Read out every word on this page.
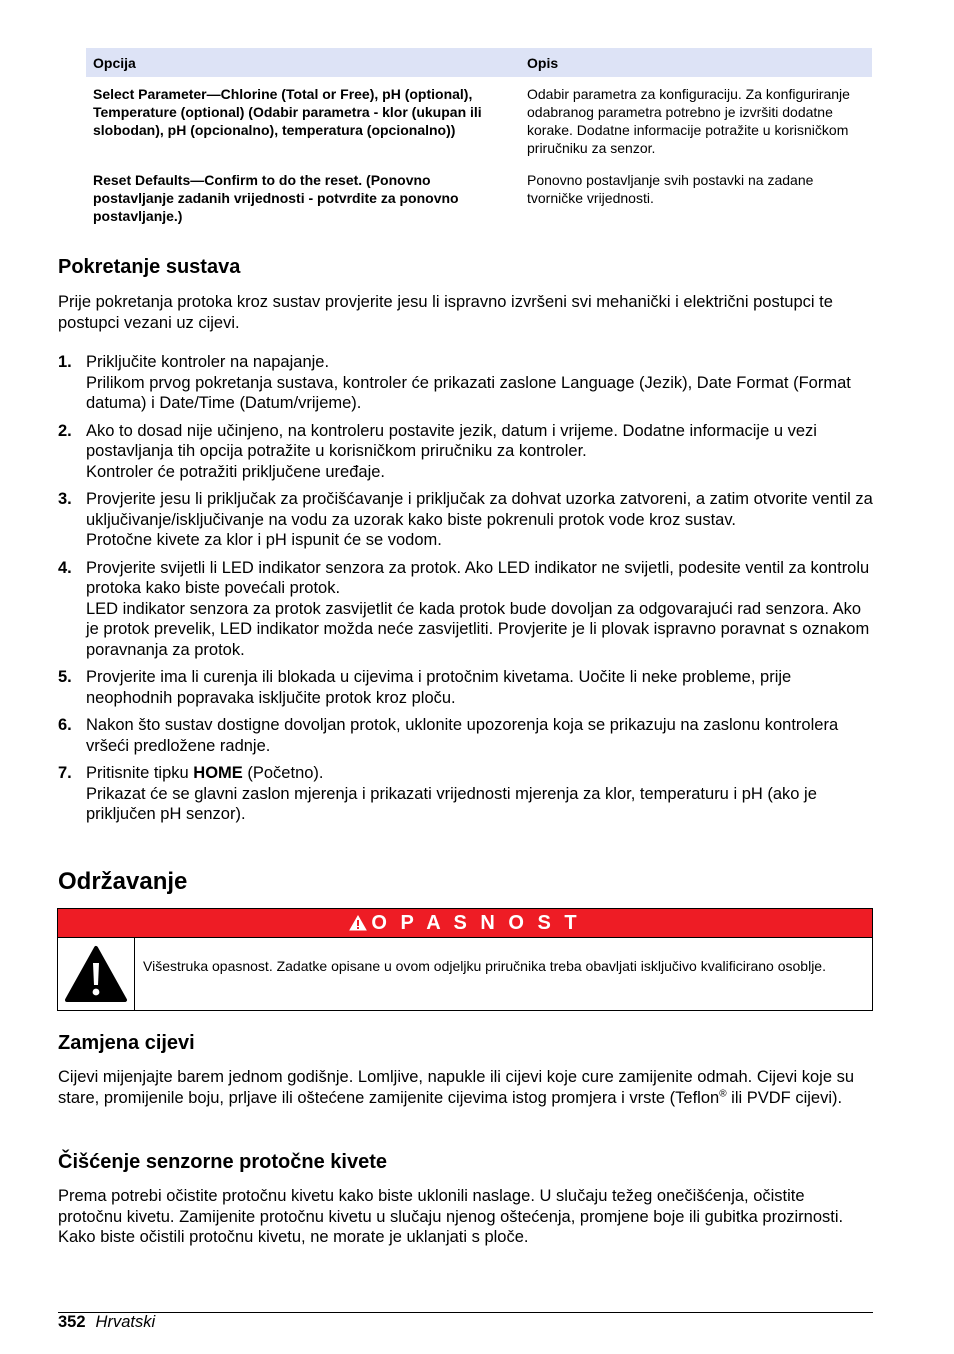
Opcija	Opis
Select Parameter—Chlorine (Total or Free), pH (optional), Temperature (optional) (Odabir parametra - klor (ukupan ili slobodan), pH (opcionalno), temperatura (opcionalno))	Odabir parametra za konfiguraciju. Za konfiguriranje odabranog parametra potrebno je izvršiti dodatne korake. Dodatne informacije potražite u korisničkom priručniku za senzor.
Reset Defaults—Confirm to do the reset. (Ponovno postavljanje zadanih vrijednosti - potvrdite za ponovno postavljanje.)	Ponovno postavljanje svih postavki na zadane tvorničke vrijednosti.
Pokretanje sustava

Prije pokretanja protoka kroz sustav provjerite jesu li ispravno izvršeni svi mehanički i električni postupci te postupci vezani uz cijevi.

1. Priključite kontroler na napajanje.
Prilikom prvog pokretanja sustava, kontroler će prikazati zaslone Language (Jezik), Date Format (Format datuma) i Date/Time (Datum/vrijeme).
2. Ako to dosad nije učinjeno, na kontroleru postavite jezik, datum i vrijeme. Dodatne informacije u vezi postavljanja tih opcija potražite u korisničkom priručniku za kontroler.
Kontroler će potražiti priključene uređaje.
3. Provjerite jesu li priključak za pročišćavanje i priključak za dohvat uzorka zatvoreni, a zatim otvorite ventil za uključivanje/isključivanje na vodu za uzorak kako biste pokrenuli protok vode kroz sustav.
Protočne kivete za klor i pH ispunit će se vodom.
4. Provjerite svijetli li LED indikator senzora za protok. Ako LED indikator ne svijetli, podesite ventil za kontrolu protoka kako biste povećali protok.
LED indikator senzora za protok zasvijetlit će kada protok bude dovoljan za odgovarajući rad senzora. Ako je protok prevelik, LED indikator možda neće zasvijetliti. Provjerite je li plovak ispravno poravnat s oznakom poravnanja za protok.
5. Provjerite ima li curenja ili blokada u cijevima i protočnim kivetama. Uočite li neke probleme, prije neophodnih popravaka isključite protok kroz ploču.
6. Nakon što sustav dostigne dovoljan protok, uklonite upozorenja koja se prikazuju na zaslonu kontrolera vršeći predložene radnje.
7. Pritisnite tipku HOME (Početno).
Prikazat će se glavni zaslon mjerenja i prikazati vrijednosti mjerenja za klor, temperaturu i pH (ako je priključen pH senzor).
Održavanje
O P A S N O S T
Višestruka opasnost. Zadatke opisane u ovom odjeljku priručnika treba obavljati isključivo kvalificirano osoblje.
Zamjena cijevi

Cijevi mijenjajte barem jednom godišnje. Lomljive, napukle ili cijevi koje cure zamijenite odmah. Cijevi koje su stare, promijenile boju, prljave ili oštećene zamijenite cijevima istog promjera i vrste (Teflon® ili PVDF cijevi).

Čišćenje senzorne protočne kivete

Prema potrebi očistite protočnu kivetu kako biste uklonili naslage. U slučaju težeg onečišćenja, očistite protočnu kivetu. Zamijenite protočnu kivetu u slučaju njenog oštećenja, promjene boje ili gubitka prozirnosti. Kako biste očistili protočnu kivetu, ne morate je uklanjati s ploče.

352 Hrvatski
